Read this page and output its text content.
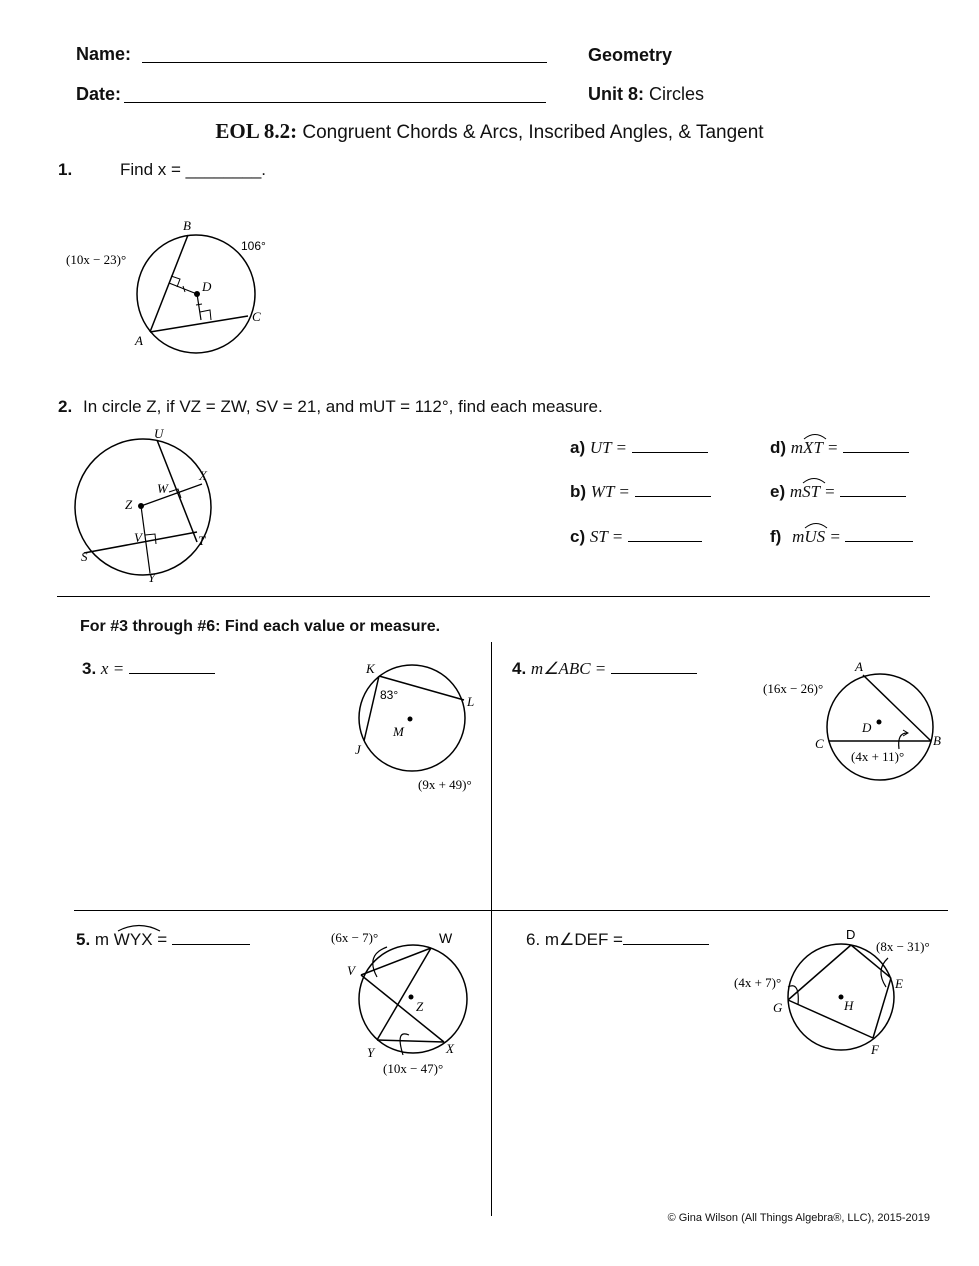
Name:
Date:
Geometry
Unit 8: Circles
EOL 8.2: Congruent Chords & Arcs, Inscribed Angles, & Tangent
1.	Find x = ________.
B
A
C
D
(10x − 23)°
106°
2. In circle Z, if VZ = ZW, SV = 21, and mUT = 112°, find each measure.
U
X
W
Z
V	T
S
Y
a) UT =
b) WT =
c) ST =
d) mXT =
e) mST =
f) mUS =
For #3 through #6: Find each value or measure.
3. x =	K
L
M
J
83°
(9x + 49)°
4. m∠ABC =	A
D
C	B
(16x − 26)°
(4x + 11)°
5. m WYX =	(6x − 7)°	W
V
Z
Y	X
(10x − 47)°
6. m∠DEF =	D
(8x − 31)°
E
(4x + 7)°
G	H
F
© Gina Wilson (All Things Algebra®, LLC), 2015-2019
